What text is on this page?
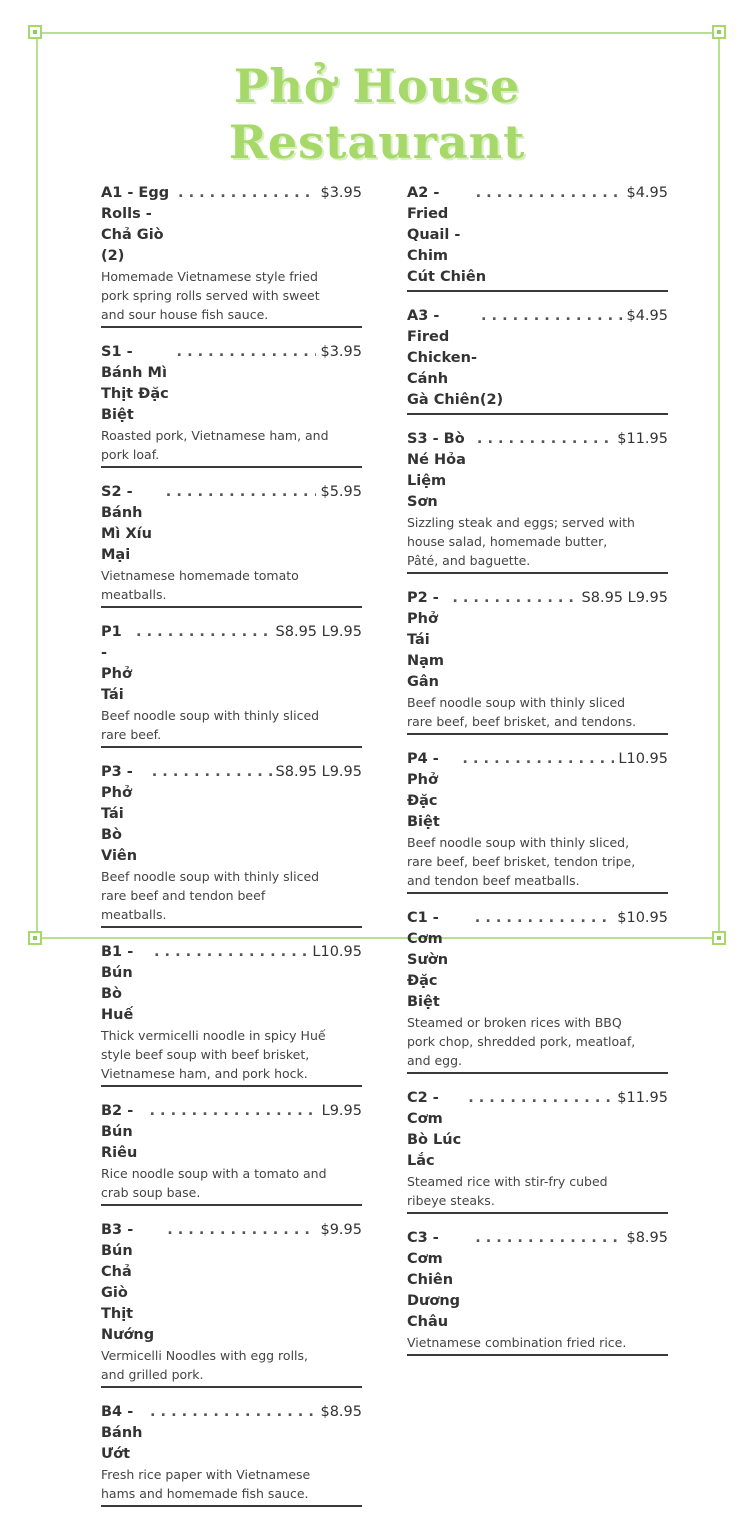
Phở House
Restaurant
A1 - Egg Rolls - Chả Giò (2)
. . .
$3.95
Homemade Vietnamese style fried
pork spring rolls served with sweet
and sour house fish sauce.
S1 - Bánh Mì Thịt Đặc Biệt
. . .
$3.95
Roasted pork, Vietnamese ham, and
pork loaf.
S2 - Bánh Mì Xíu Mại
. . .
$5.95
Vietnamese homemade tomato
meatballs.
P1 - Phở Tái
. . .
S8.95 L9.95
Beef noodle soup with thinly sliced
rare beef.
P3 - Phở Tái Bò Viên
. . .
S8.95 L9.95
Beef noodle soup with thinly sliced
rare beef and tendon beef
meatballs.
B1 - Bún Bò Huế
. . .
L10.95
Thick vermicelli noodle in spicy Huế
style beef soup with beef brisket,
Vietnamese ham, and pork hock.
B2 - Bún Riêu
. . .
L9.95
Rice noodle soup with a tomato and
crab soup base.
B3 - Bún Chả Giò Thịt
. . .
$9.95
Nướng
Vermicelli Noodles with egg rolls,
and grilled pork.
B4 - Bánh Ướt
. . .
$8.95
Fresh rice paper with Vietnamese
hams and homemade fish sauce.
A2 - Fried Quail - Chim
. . .
$4.95
Cút Chiên
A3 - Fired Chicken-Cánh
. . .
$4.95
Gà Chiên(2)
S3 - Bò Né Hỏa Liệm Sơn
. . .
$11.95
Sizzling steak and eggs; served with
house salad, homemade butter,
Pâté, and baguette.
P2 - Phở Tái Nạm
. . .
S8.95 L9.95
Gân
Beef noodle soup with thinly sliced
rare beef, beef brisket, and tendons.
P4 - Phở Đặc Biệt
. . .
L10.95
Beef noodle soup with thinly sliced,
rare beef, beef brisket, tendon tripe,
and tendon beef meatballs.
C1 - Cơm Sườn Đặc Biệt
. . .
$10.95
Steamed or broken rices with BBQ
pork chop, shredded pork, meatloaf,
and egg.
C2 - Cơm Bò Lúc Lắc
. . .
$11.95
Steamed rice with stir-fry cubed
ribeye steaks.
C3 - Cơm Chiên Dương
. . .
$8.95
Châu
Vietnamese combination fried rice.
